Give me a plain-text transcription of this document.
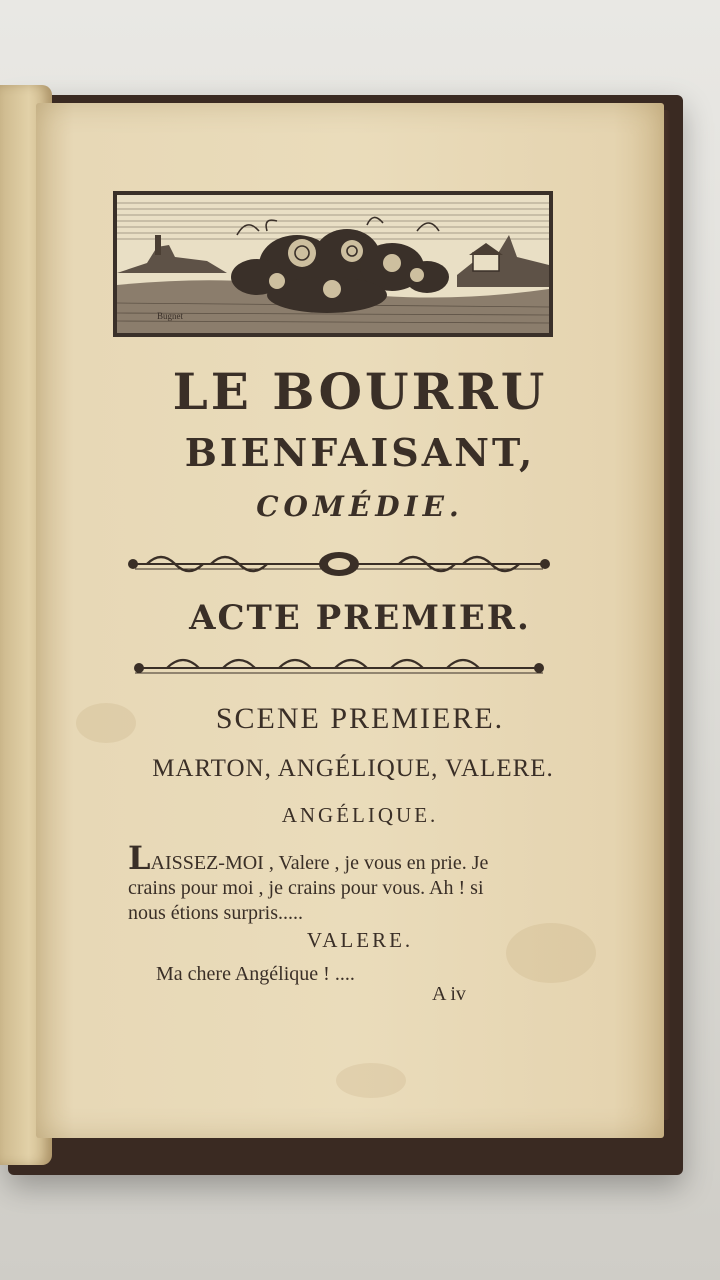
Bugnet
LE BOURRU
BIENFAISANT,
COMÉDIE.
ACTE PREMIER.
SCENE PREMIERE.
MARTON, ANGÉLIQUE, VALERE.
ANGÉLIQUE.
LAISSEZ-MOI , Valere , je vous en prie. Je
crains pour moi , je crains pour vous. Ah ! si
nous étions surpris.....
VALERE.
Ma chere Angélique ! ....
A iv
